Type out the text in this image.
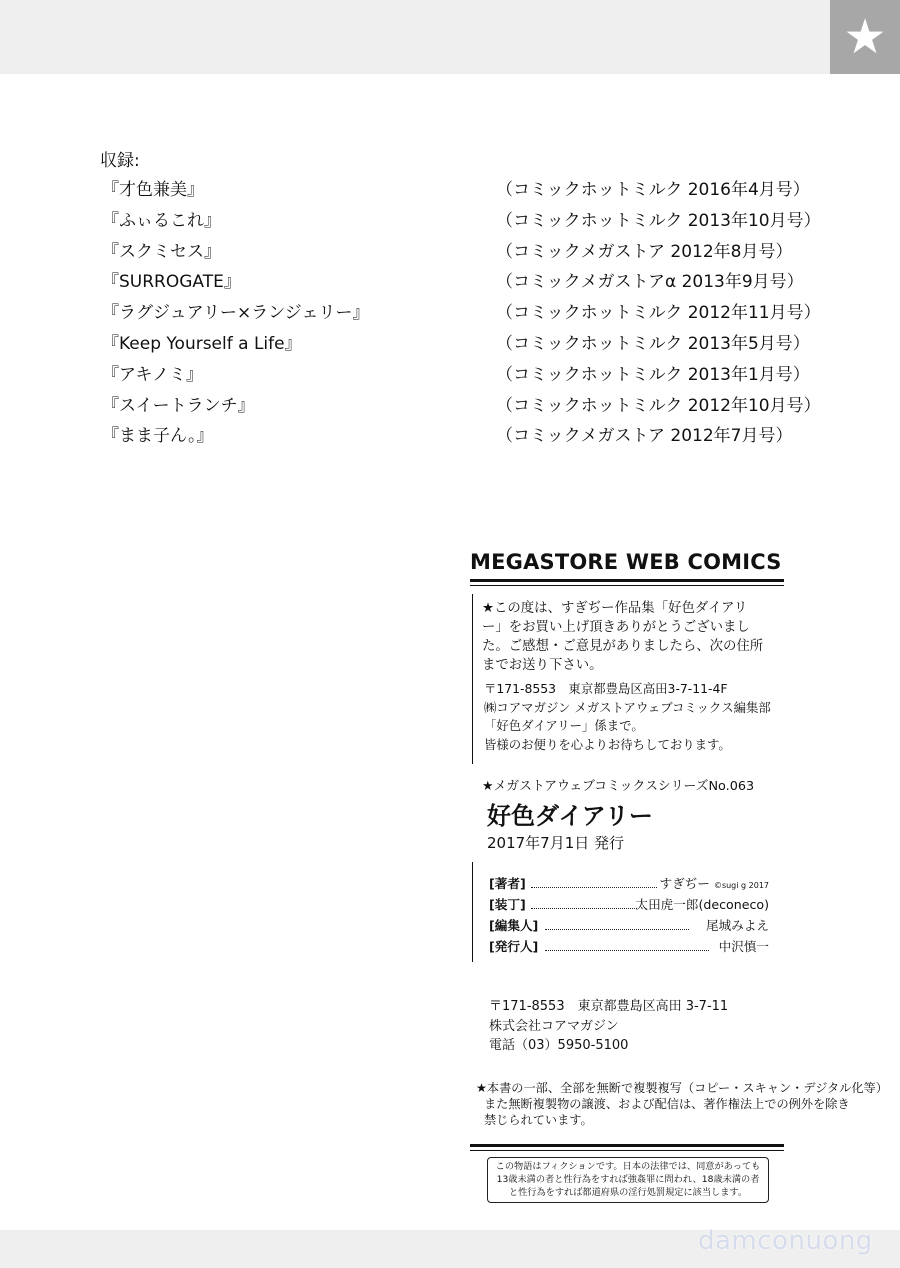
★
収録:
『才色兼美』	（コミックホットミルク 2016年4月号）
『ふぃるこれ』	（コミックホットミルク 2013年10月号）
『スクミセス』	（コミックメガストア 2012年8月号）
『SURROGATE』	（コミックメガストアα 2013年9月号）
『ラグジュアリー×ランジェリー』	（コミックホットミルク 2012年11月号）
『Keep Yourself a Life』	（コミックホットミルク 2013年5月号）
『アキノミ』	（コミックホットミルク 2013年1月号）
『スイートランチ』	（コミックホットミルク 2012年10月号）
『まま子ん。』	（コミックメガストア 2012年7月号）
MEGASTORE WEB COMICS
★この度は、すぎぢー作品集「好色ダイアリ
ー」をお買い上げ頂きありがとうございまし
た。ご感想・ご意見がありましたら、次の住所
までお送り下さい。
〒171-8553　東京都豊島区高田3-7-11-4F
㈱コアマガジン メガストアウェブコミックス編集部
「好色ダイアリー」係まで。
皆様のお便りを心よりお待ちしております。
★メガストアウェブコミックスシリーズNo.063
好色ダイアリー
2017年7月1日 発行
[著者]	すぎぢー ©sugi g 2017
[装丁]	太田虎一郎(deconeco)
[編集人]	尾城みよえ
[発行人]	中沢慎一
〒171-8553　東京都豊島区高田 3-7-11
株式会社コアマガジン
電話（03）5950-5100
★本書の一部、全部を無断で複製複写（コピー・スキャン・デジタル化等）
また無断複製物の譲渡、および配信は、著作権法上での例外を除き
禁じられています。
この物語はフィクションです。日本の法律では、同意があっても
13歳未満の者と性行為をすれば強姦罪に問われ、18歳未満の者
と性行為をすれば都道府県の淫行処罰規定に該当します。
damconuong
